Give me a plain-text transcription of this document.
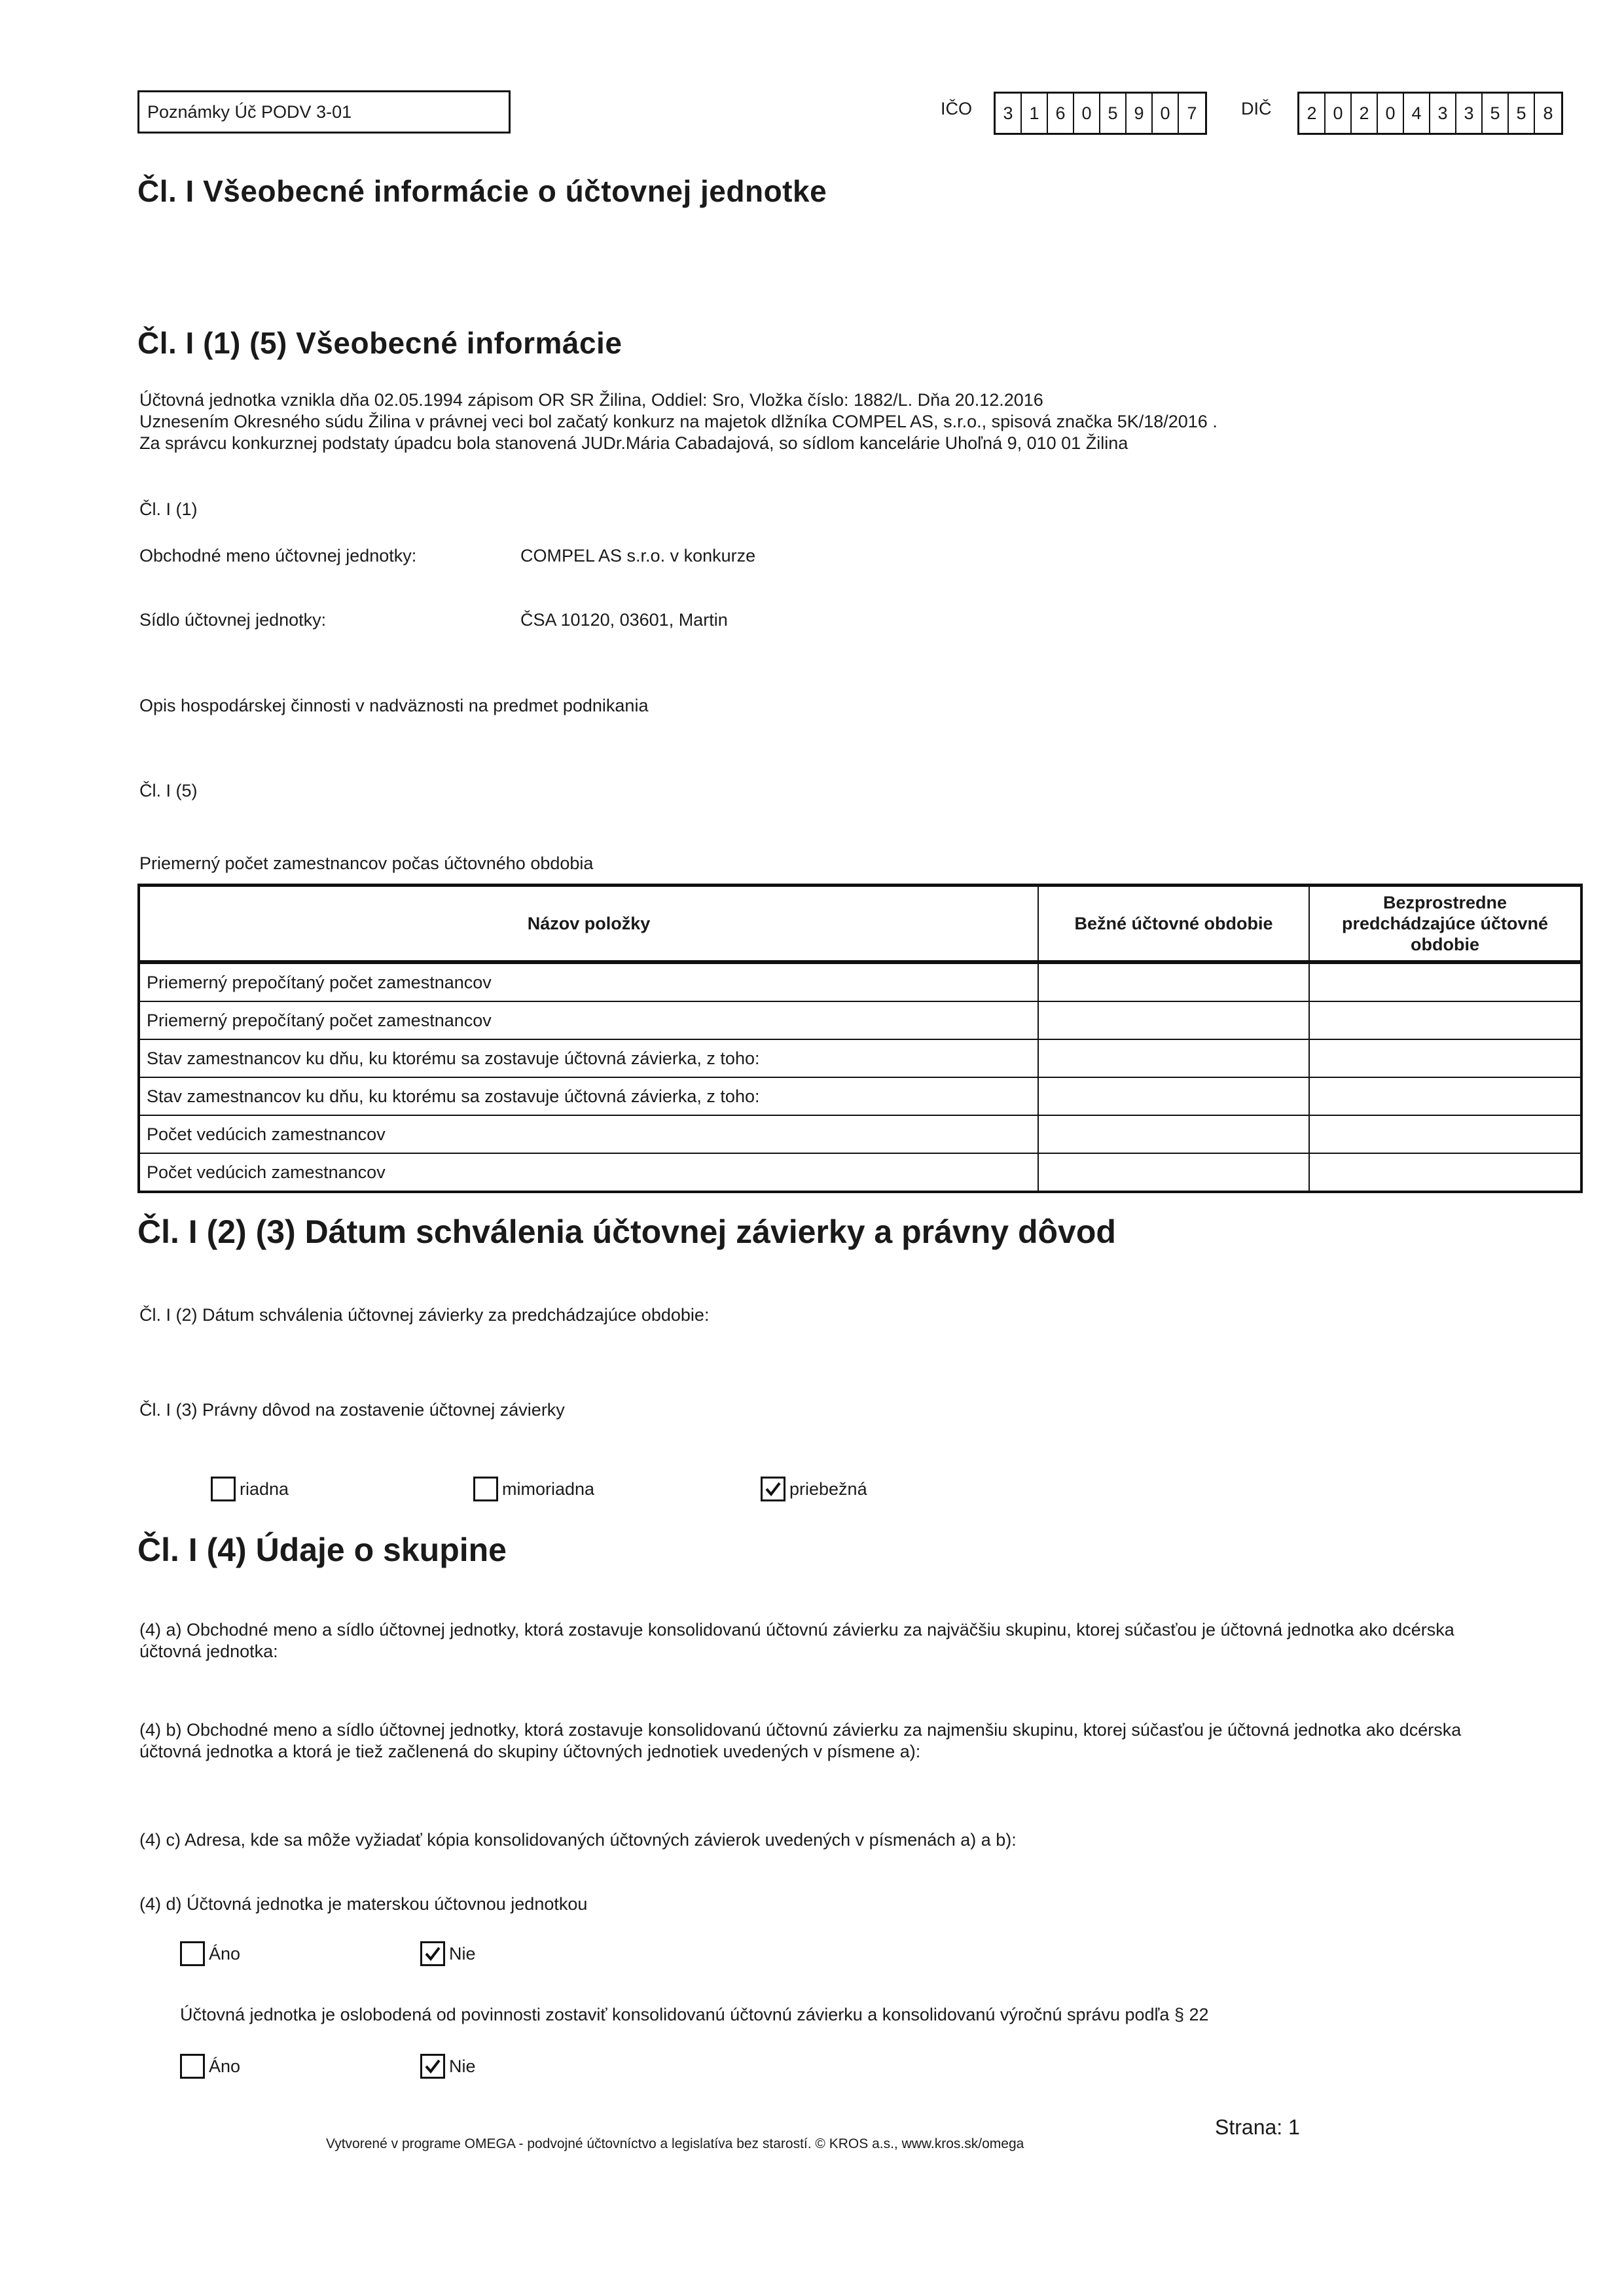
Poznámky Úč PODV 3-01	IČO	3 1 6 0 5 9 0 7	DIČ	2 0 2 0 4 3 3 5 5 8
Čl. I Všeobecné informácie o účtovnej jednotke
Čl. I (1) (5) Všeobecné informácie
Účtovná jednotka vznikla dňa 02.05.1994 zápisom OR SR Žilina, Oddiel: Sro, Vložka číslo: 1882/L. Dňa 20.12.2016
Uznesením Okresného súdu Žilina v právnej veci bol začatý konkurz na majetok dlžníka COMPEL AS, s.r.o., spisová značka 5K/18/2016 .
Za správcu konkurznej podstaty úpadcu bola stanovená JUDr.Mária Cabadajová, so sídlom kancelárie Uhoľná 9, 010 01 Žilina
Čl. I (1)
Obchodné meno účtovnej jednotky:	COMPEL AS s.r.o. v konkurze
Sídlo účtovnej jednotky:	ČSA 10120, 03601, Martin
Opis hospodárskej činnosti v nadväznosti na predmet podnikania
Čl. I (5)
Priemerný počet zamestnancov počas účtovného obdobia
Názov položky	Bežné účtovné obdobie	Bezprostredne predchádzajúce účtovné obdobie
Priemerný prepočítaný počet zamestnancov		
Priemerný prepočítaný počet zamestnancov		
Stav zamestnancov ku dňu, ku ktorému sa zostavuje účtovná závierka, z toho:		
Stav zamestnancov ku dňu, ku ktorému sa zostavuje účtovná závierka, z toho:		
Počet vedúcich zamestnancov		
Počet vedúcich zamestnancov		
Čl. I (2) (3) Dátum schválenia účtovnej závierky a právny dôvod
Čl. I (2) Dátum schválenia účtovnej závierky za predchádzajúce obdobie:
Čl. I (3) Právny dôvod na zostavenie účtovnej závierky
riadna	mimoriadna	priebežná
Čl. I (4) Údaje o skupine
(4) a) Obchodné meno a sídlo účtovnej jednotky, ktorá zostavuje konsolidovanú účtovnú závierku za najväčšiu skupinu, ktorej súčasťou je účtovná jednotka ako dcérska
účtovná jednotka:
(4) b) Obchodné meno a sídlo účtovnej jednotky, ktorá zostavuje konsolidovanú účtovnú závierku za najmenšiu skupinu, ktorej súčasťou je účtovná jednotka ako dcérska
účtovná jednotka a ktorá je tiež začlenená do skupiny účtovných jednotiek uvedených v písmene a):
(4) c) Adresa, kde sa môže vyžiadať kópia konsolidovaných účtovných závierok uvedených v písmenách a) a b):
(4) d) Účtovná jednotka je materskou účtovnou jednotkou
Áno	Nie
Účtovná jednotka je oslobodená od povinnosti zostaviť konsolidovanú účtovnú závierku a konsolidovanú výročnú správu podľa § 22
Áno	Nie
Vytvorené v programe OMEGA - podvojné účtovníctvo a legislatíva bez starostí. © KROS a.s., www.kros.sk/omega
Strana: 1
